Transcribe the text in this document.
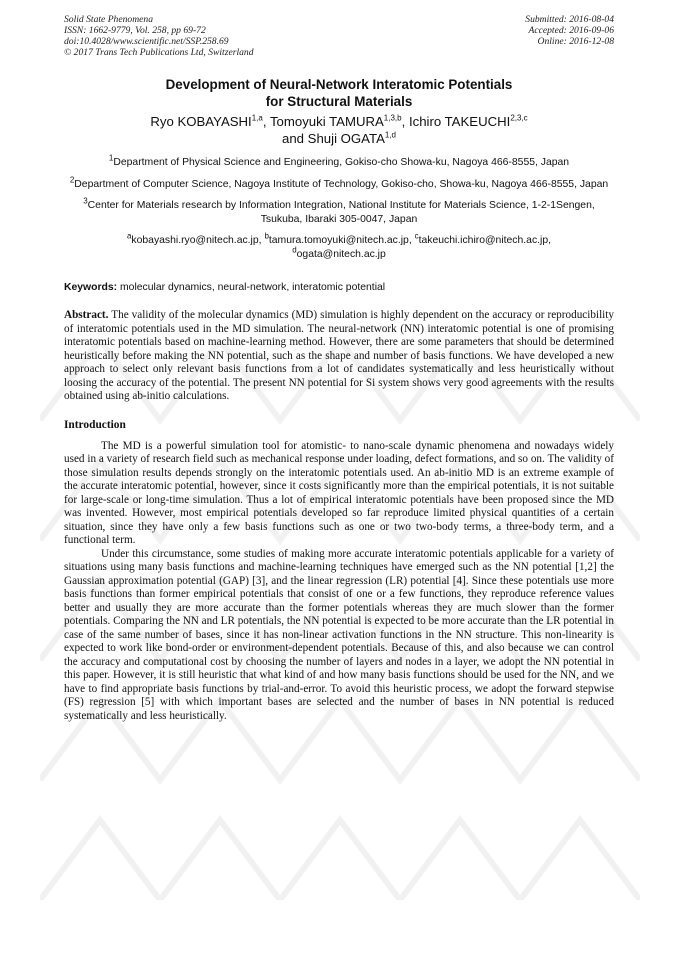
Solid State Phenomena
ISSN: 1662-9779, Vol. 258, pp 69-72
doi:10.4028/www.scientific.net/SSP.258.69
© 2017 Trans Tech Publications Ltd, Switzerland
Submitted: 2016-08-04
Accepted: 2016-09-06
Online: 2016-12-08
Development of Neural-Network Interatomic Potentials
for Structural Materials
Ryo KOBAYASHI$^{1,a}$, Tomoyuki TAMURA$^{1,3,b}$, Ichiro TAKEUCHI$^{2,3,c}$
and Shuji OGATA$^{1,d}$
$^1$Department of Physical Science and Engineering, Gokiso-cho Showa-ku, Nagoya 466-8555, Japan
$^2$Department of Computer Science, Nagoya Institute of Technology, Gokiso-cho, Showa-ku, Nagoya 466-8555, Japan
$^3$Center for Materials research by Information Integration, National Institute for Materials Science, 1-2-1Sengen, Tsukuba, Ibaraki 305-0047, Japan
$^a$kobayashi.ryo@nitech.ac.jp, $^b$tamura.tomoyuki@nitech.ac.jp, $^c$takeuchi.ichiro@nitech.ac.jp,
$^d$ogata@nitech.ac.jp
Keywords: molecular dynamics, neural-network, interatomic potential
Abstract. The validity of the molecular dynamics (MD) simulation is highly dependent on the accuracy or reproducibility of interatomic potentials used in the MD simulation. The neural-network (NN) interatomic potential is one of promising interatomic potentials based on machine-learning method. However, there are some parameters that should be determined heuristically before making the NN potential, such as the shape and number of basis functions. We have developed a new approach to select only relevant basis functions from a lot of candidates systematically and less heuristically without loosing the accuracy of the potential. The present NN potential for Si system shows very good agreements with the results obtained using ab-initio calculations.
Introduction
The MD is a powerful simulation tool for atomistic- to nano-scale dynamic phenomena and nowadays widely used in a variety of research field such as mechanical response under loading, defect formations, and so on. The validity of those simulation results depends strongly on the interatomic potentials used. An ab-initio MD is an extreme example of the accurate interatomic potential, however, since it costs significantly more than the empirical potentials, it is not suitable for large-scale or long-time simulation. Thus a lot of empirical interatomic potentials have been proposed since the MD was invented. However, most empirical potentials developed so far reproduce limited physical quantities of a certain situation, since they have only a few basis functions such as one or two two-body terms, a three-body term, and a functional term.
Under this circumstance, some studies of making more accurate interatomic potentials applicable for a variety of situations using many basis functions and machine-learning techniques have emerged such as the NN potential [1,2] the Gaussian approximation potential (GAP) [3], and the linear regression (LR) potential [4]. Since these potentials use more basis functions than former empirical potentials that consist of one or a few functions, they reproduce reference values better and usually they are more accurate than the former potentials whereas they are much slower than the former potentials. Comparing the NN and LR potentials, the NN potential is expected to be more accurate than the LR potential in case of the same number of bases, since it has non-linear activation functions in the NN structure. This non-linearity is expected to work like bond-order or environment-dependent potentials. Because of this, and also because we can control the accuracy and computational cost by choosing the number of layers and nodes in a layer, we adopt the NN potential in this paper. However, it is still heuristic that what kind of and how many basis functions should be used for the NN, and we have to find appropriate basis functions by trial-and-error. To avoid this heuristic process, we adopt the forward stepwise (FS) regression [5] with which important bases are selected and the number of bases in NN potential is reduced systematically and less heuristically.
